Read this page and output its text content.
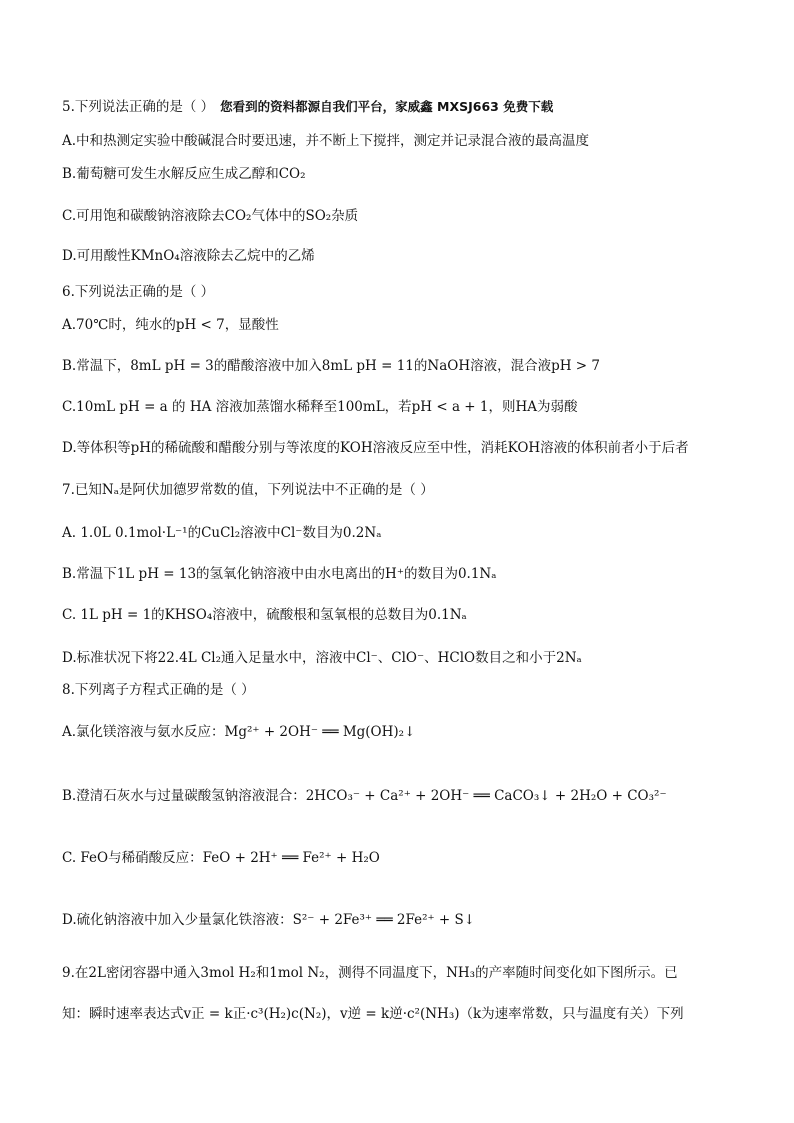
5.下列说法正确的是（ ） 您看到的资料都源自我们平台，家威鑫 MXSJ663 免费下载
A.中和热测定实验中酸碱混合时要迅速，并不断上下搅拌，测定并记录混合液的最高温度
B.葡萄糖可发生水解反应生成乙醇和CO₂
C.可用饱和碳酸钠溶液除去CO₂气体中的SO₂杂质
D.可用酸性KMnO₄溶液除去乙烷中的乙烯
6.下列说法正确的是（ ）
A.70℃时，纯水的pH < 7，显酸性
B.常温下，8mL pH = 3的醋酸溶液中加入8mL pH = 11的NaOH溶液，混合液pH > 7
C.10mL pH = a 的 HA 溶液加蒸馏水稀释至100mL，若pH < a + 1，则HA为弱酸
D.等体积等pH的稀硫酸和醋酸分别与等浓度的KOH溶液反应至中性，消耗KOH溶液的体积前者小于后者
7.已知Nₐ是阿伏加德罗常数的值，下列说法中不正确的是（ ）
A. 1.0L 0.1mol·L⁻¹的CuCl₂溶液中Cl⁻数目为0.2Nₐ
B.常温下1L pH = 13的氢氧化钠溶液中由水电离出的H⁺的数目为0.1Nₐ
C. 1L pH = 1的KHSO₄溶液中，硫酸根和氢氧根的总数目为0.1Nₐ
D.标准状况下将22.4L Cl₂通入足量水中，溶液中Cl⁻、ClO⁻、HClO数目之和小于2Nₐ
8.下列离子方程式正确的是（ ）
A.氯化镁溶液与氨水反应：Mg²⁺ + 2OH⁻ ══ Mg(OH)₂↓
B.澄清石灰水与过量碳酸氢钠溶液混合：2HCO₃⁻ + Ca²⁺ + 2OH⁻ ══ CaCO₃↓ + 2H₂O + CO₃²⁻
C. FeO与稀硝酸反应：FeO + 2H⁺ ══ Fe²⁺ + H₂O
D.硫化钠溶液中加入少量氯化铁溶液：S²⁻ + 2Fe³⁺ ══ 2Fe²⁺ + S↓
9.在2L密闭容器中通入3mol H₂和1mol N₂，测得不同温度下，NH₃的产率随时间变化如下图所示。已
知：瞬时速率表达式v正 = k正·c³(H₂)c(N₂)，v逆 = k逆·c²(NH₃)（k为速率常数，只与温度有关）下列
